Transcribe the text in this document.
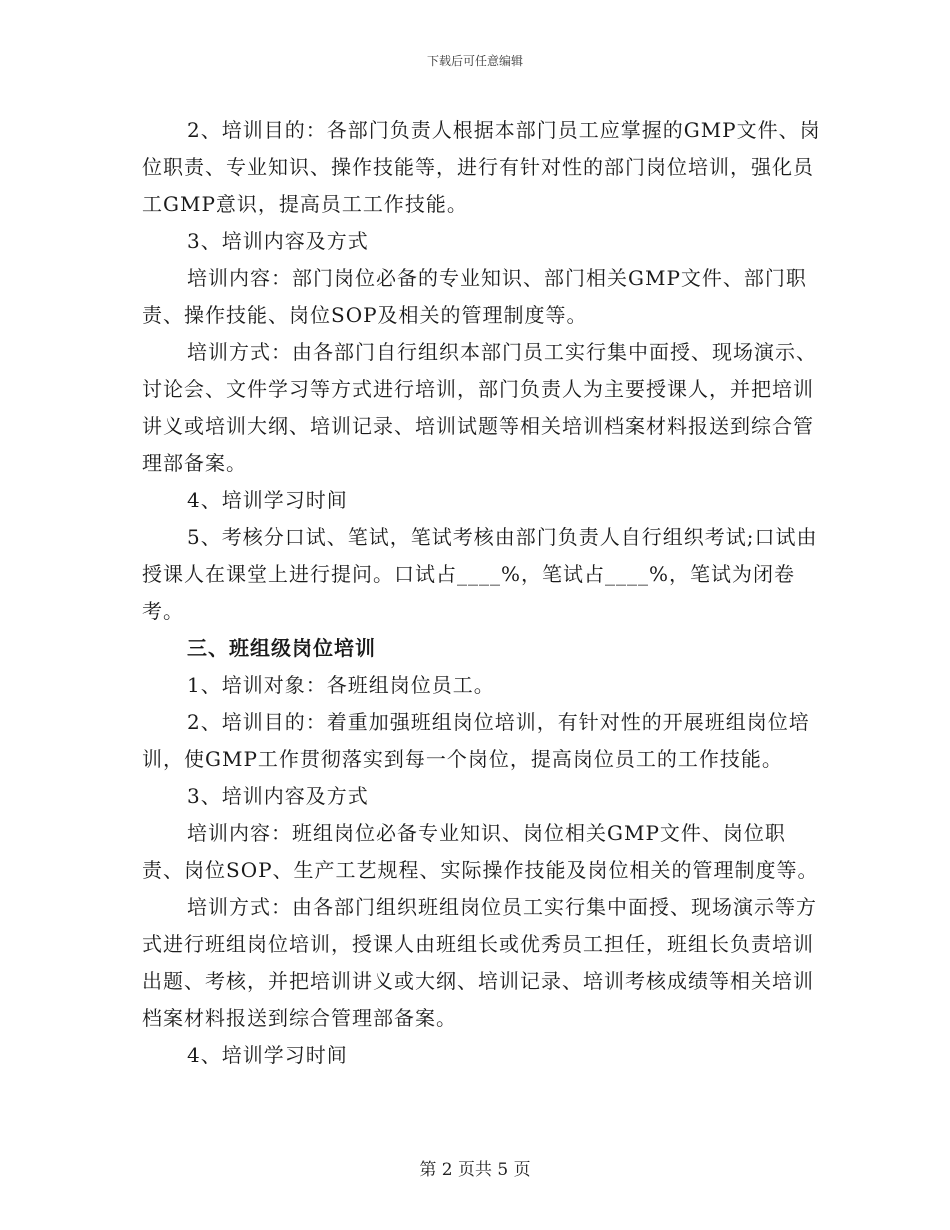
下载后可任意编辑

2、培训目的：各部门负责人根据本部门员工应掌握的GMP文件、岗位职责、专业知识、操作技能等，进行有针对性的部门岗位培训，强化员工GMP意识，提高员工工作技能。

3、培训内容及方式

培训内容：部门岗位必备的专业知识、部门相关GMP文件、部门职责、操作技能、岗位SOP及相关的管理制度等。

培训方式：由各部门自行组织本部门员工实行集中面授、现场演示、讨论会、文件学习等方式进行培训，部门负责人为主要授课人，并把培训讲义或培训大纲、培训记录、培训试题等相关培训档案材料报送到综合管理部备案。

4、培训学习时间

5、考核分口试、笔试，笔试考核由部门负责人自行组织考试;口试由授课人在课堂上进行提问。口试占____%，笔试占____%，笔试为闭卷考。

三、班组级岗位培训

1、培训对象：各班组岗位员工。

2、培训目的：着重加强班组岗位培训，有针对性的开展班组岗位培训，使GMP工作贯彻落实到每一个岗位，提高岗位员工的工作技能。

3、培训内容及方式

培训内容：班组岗位必备专业知识、岗位相关GMP文件、岗位职责、岗位SOP、生产工艺规程、实际操作技能及岗位相关的管理制度等。

培训方式：由各部门组织班组岗位员工实行集中面授、现场演示等方式进行班组岗位培训，授课人由班组长或优秀员工担任，班组长负责培训出题、考核，并把培训讲义或大纲、培训记录、培训考核成绩等相关培训档案材料报送到综合管理部备案。

4、培训学习时间

第 2 页共 5 页
